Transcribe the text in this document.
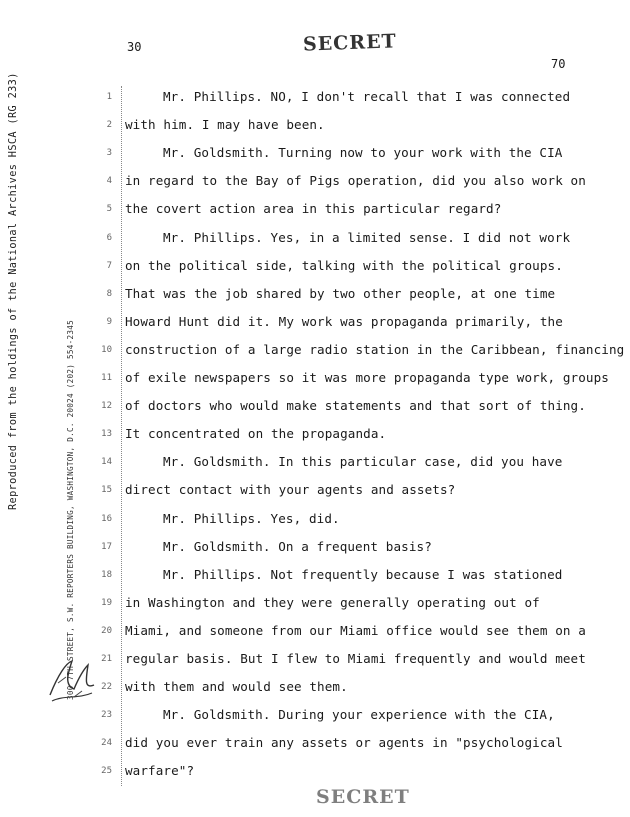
30	SECRET
70
Reproduced from the holdings of the National Archives HSCA (RG 233)	300 7TH STREET, S.W. REPORTERS BUILDING, WASHINGTON, D.C. 20024 (202) 554-2345
1	Mr. Phillips. NO, I don't recall that I was connected
2 with him. I may have been.
3	Mr. Goldsmith. Turning now to your work with the CIA
4 in regard to the Bay of Pigs operation, did you also work on
5 the covert action area in this particular regard?
6	Mr. Phillips. Yes, in a limited sense. I did not work
7 on the political side, talking with the political groups.
8 That was the job shared by two other people, at one time
9 Howard Hunt did it. My work was propaganda primarily, the
10 construction of a large radio station in the Caribbean, financing
11 of exile newspapers so it was more propaganda type work, groups
12 of doctors who would make statements and that sort of thing.
13 It concentrated on the propaganda.
14	Mr. Goldsmith. In this particular case, did you have
15 direct contact with your agents and assets?
16	Mr. Phillips. Yes, did.
17	Mr. Goldsmith. On a frequent basis?
18	Mr. Phillips. Not frequently because I was stationed
19 in Washington and they were generally operating out of
20 Miami, and someone from our Miami office would see them on a
21 regular basis. But I flew to Miami frequently and would meet
22 with them and would see them.
23	Mr. Goldsmith. During your experience with the CIA,
24 did you ever train any assets or agents in "psychological
25 warfare"?
SECRET
